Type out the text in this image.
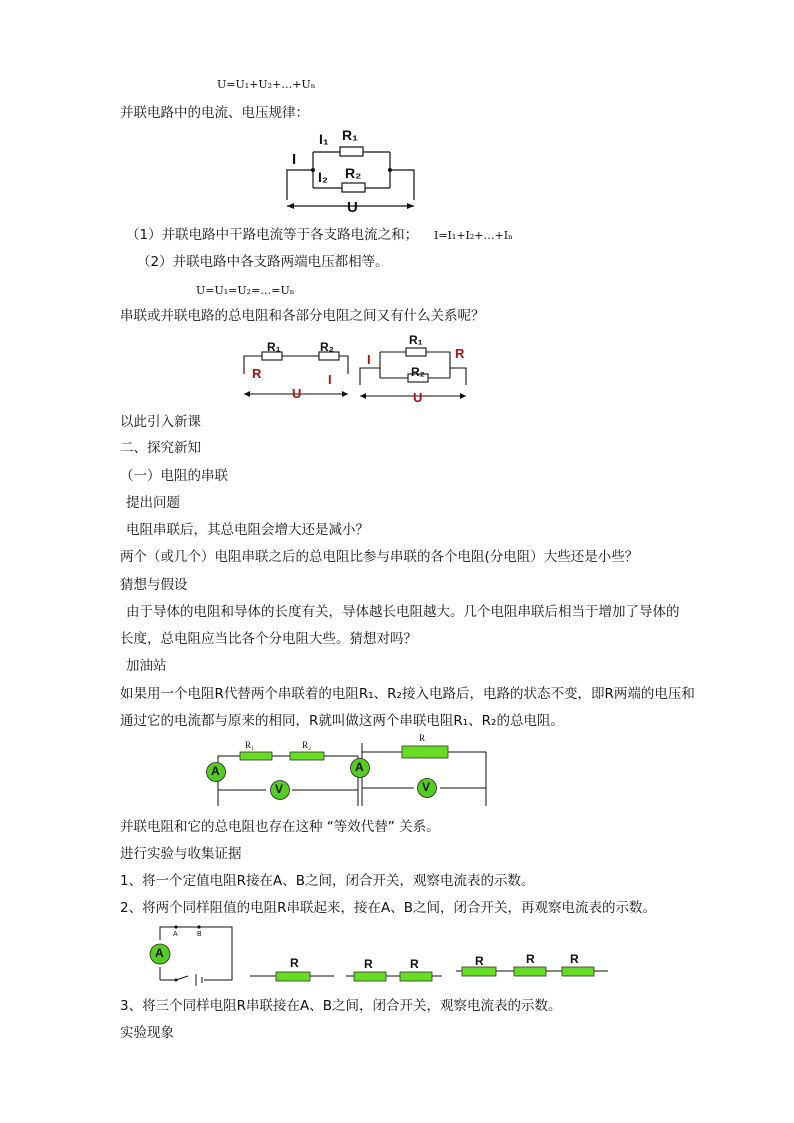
U=U₁+U₂+…+Uₙ
并联电路中的电流、电压规律：
I
I₁ R₁
I₂ R₂
U
（1）并联电路中干路电流等于各支路电流之和； I=I₁+I₂+…+Iₙ
（2）并联电路中各支路两端电压都相等。
U=U₁=U₂=…=Uₙ
串联或并联电路的总电阻和各部分电阻之间又有什么关系呢？
R₁	R₂
R	I
U
I
R₁
R
R₂
U
以此引入新课
二、探究新知
（一）电阻的串联
提出问题
电阻串联后，其总电阻会增大还是减小？
两个（或几个）电阻串联之后的总电阻比参与串联的各个电阻(分电阻）大些还是小些？
猜想与假设
由于导体的电阻和导体的长度有关，导体越长电阻越大。几个电阻串联后相当于增加了导体的
长度，总电阻应当比各个分电阻大些。猜想对吗？
加油站
如果用一个电阻R代替两个串联着的电阻R₁、R₂接入电路后，电路的状态不变，即R两端的电压和
通过它的电流都与原来的相同，R就叫做这两个串联电阻R₁、R₂的总电阻。
A
V
A
V
R₁	R₂
R
并联电阻和它的总电阻也存在这种 “等效代替” 关系。
进行实验与收集证据
1、将一个定值电阻R接在A、B之间，闭合开关，观察电流表的示数。
2、将两个同样阻值的电阻R串联起来，接在A、B之间，闭合开关，再观察电流表的示数。
A
A	B
R	R	R	R	R	R
3、将三个同样电阻R串联接在A、B之间，闭合开关，观察电流表的示数。
实验现象
